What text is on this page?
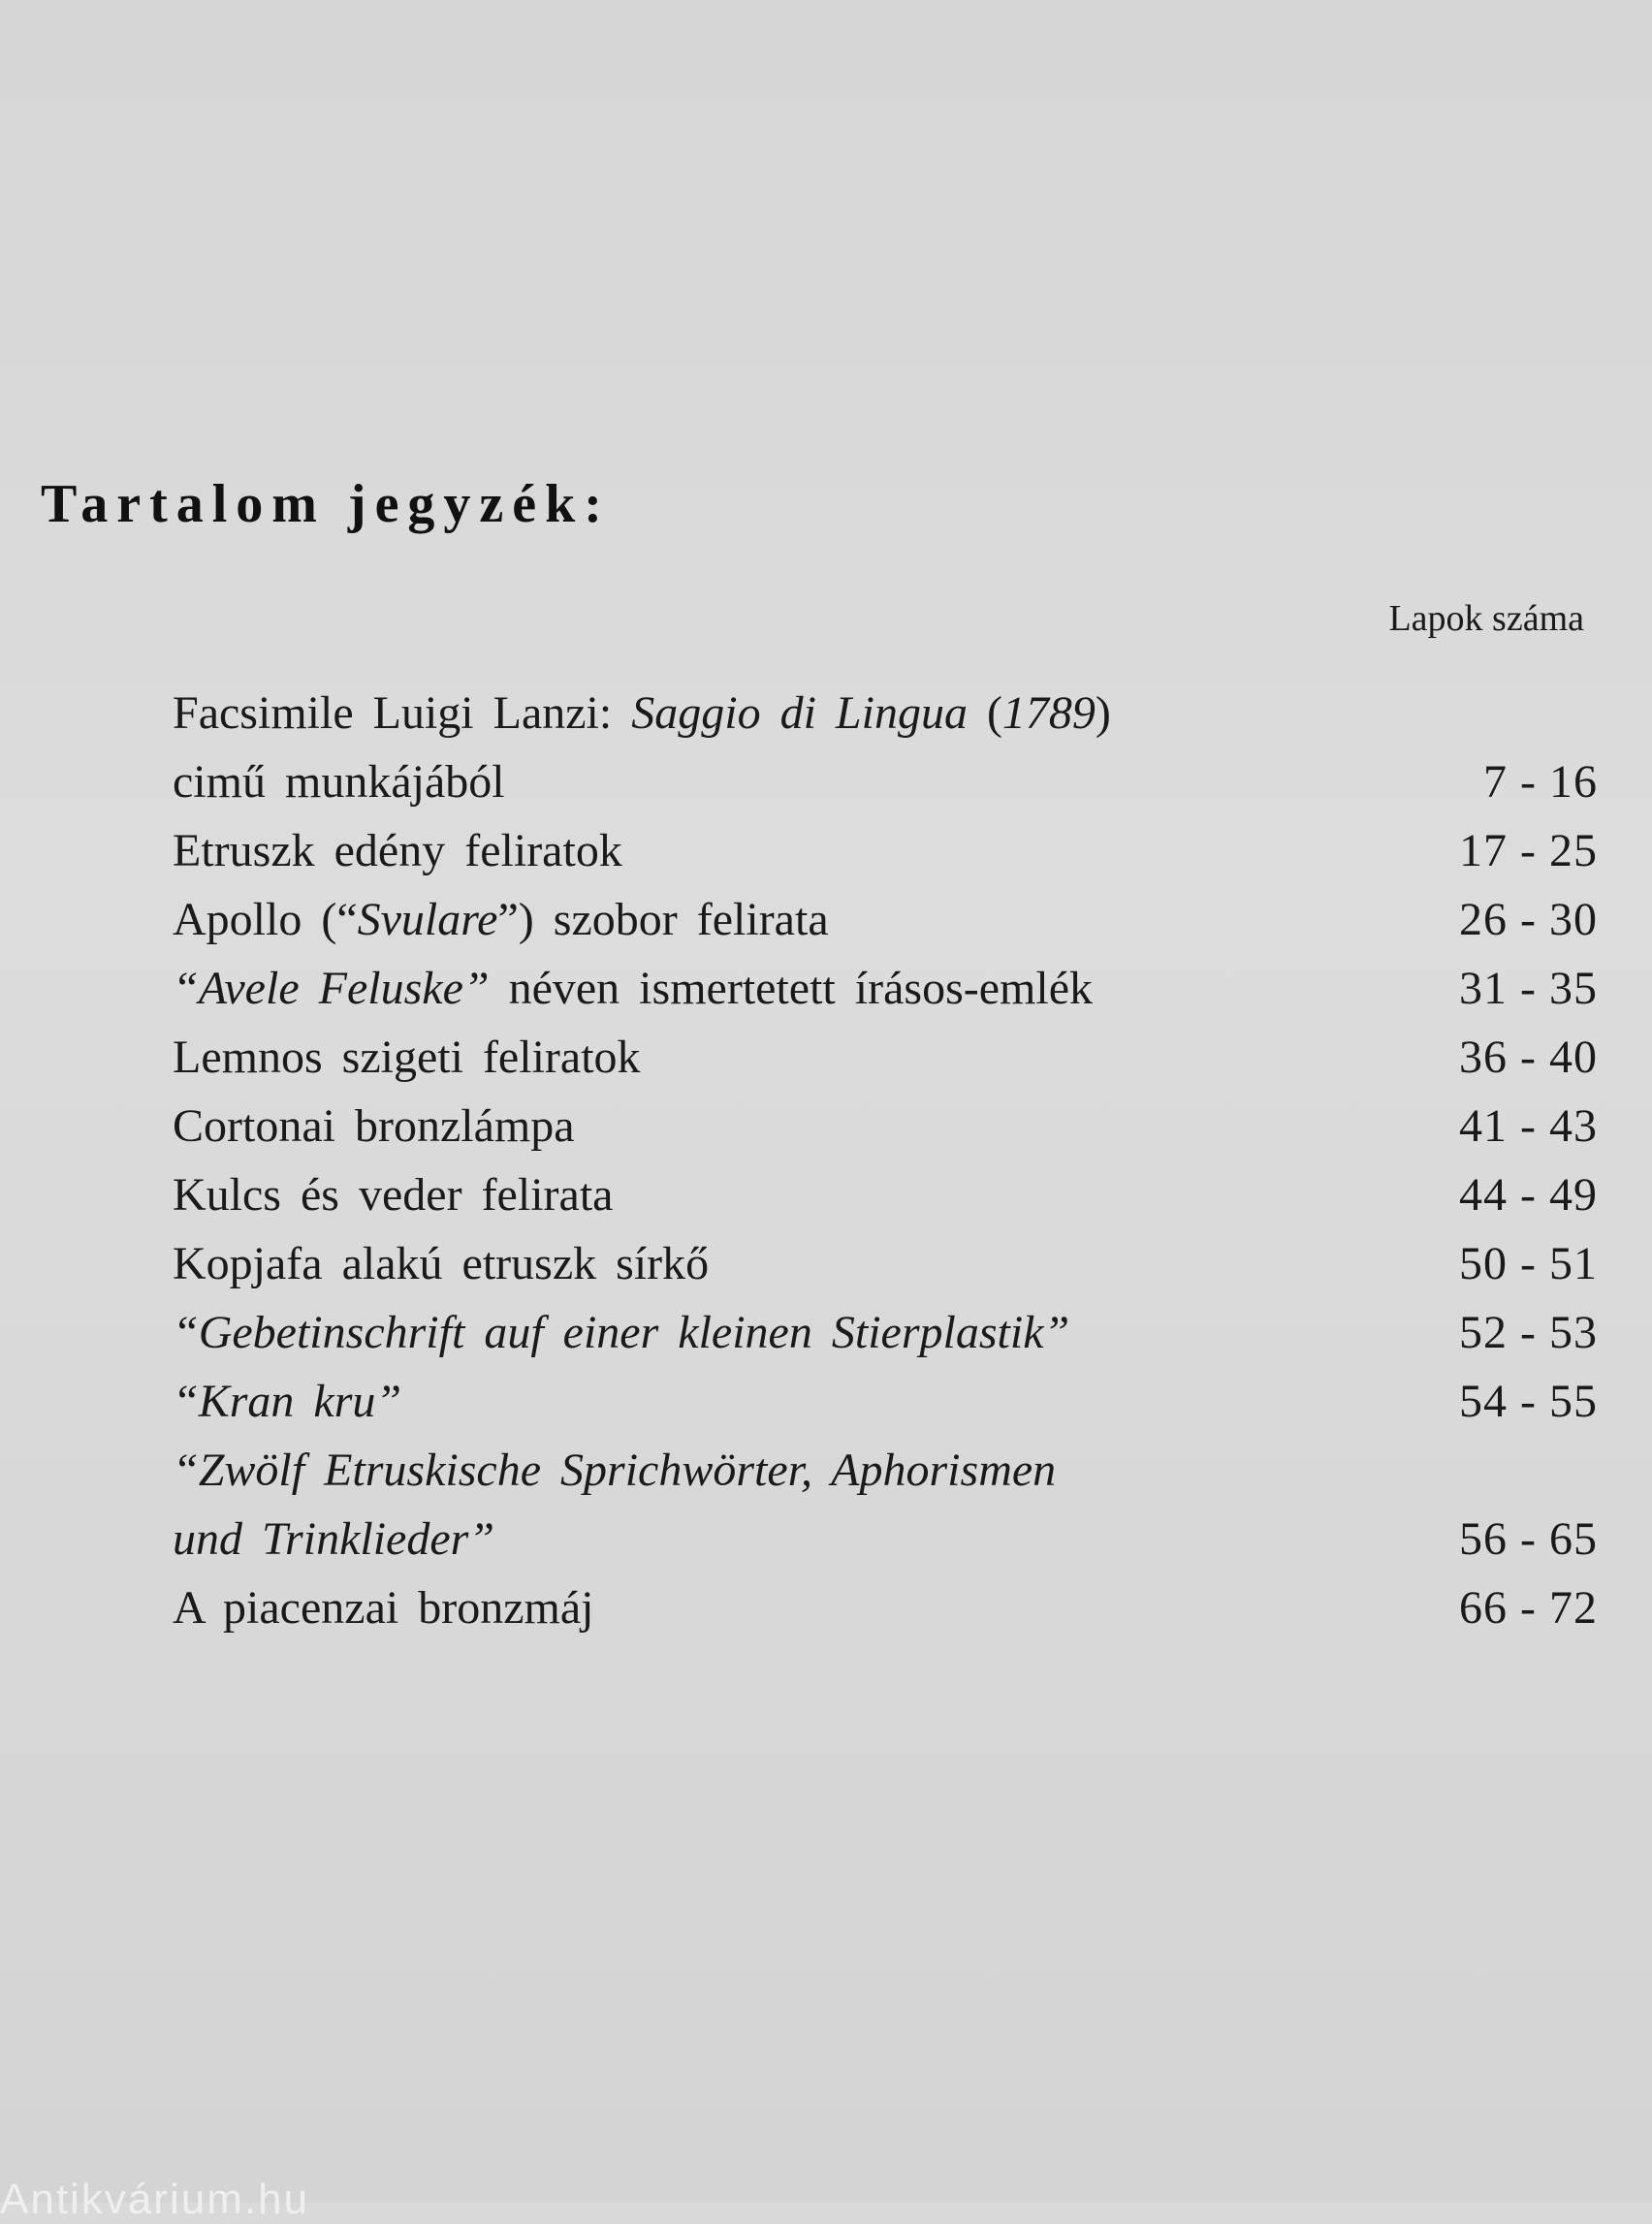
Tartalom jegyzék:
Lapok száma
Facsimile Luigi Lanzi: Saggio di Lingua (1789)
cimű munkájából	7 - 16
Etruszk edény feliratok	17 - 25
Apollo (“Svulare”) szobor felirata	26 - 30
“Avele Feluske” néven ismertetett írásos-emlék	31 - 35
Lemnos szigeti feliratok	36 - 40
Cortonai bronzlámpa	41 - 43
Kulcs és veder felirata	44 - 49
Kopjafa alakú etruszk sírkő	50 - 51
“Gebetinschrift auf einer kleinen Stierplastik”	52 - 53
“Kran kru”	54 - 55
“Zwölf Etruskische Sprichwörter, Aphorismen
und Trinklieder”	56 - 65
A piacenzai bronzmáj	66 - 72
Antikvárium.hu
